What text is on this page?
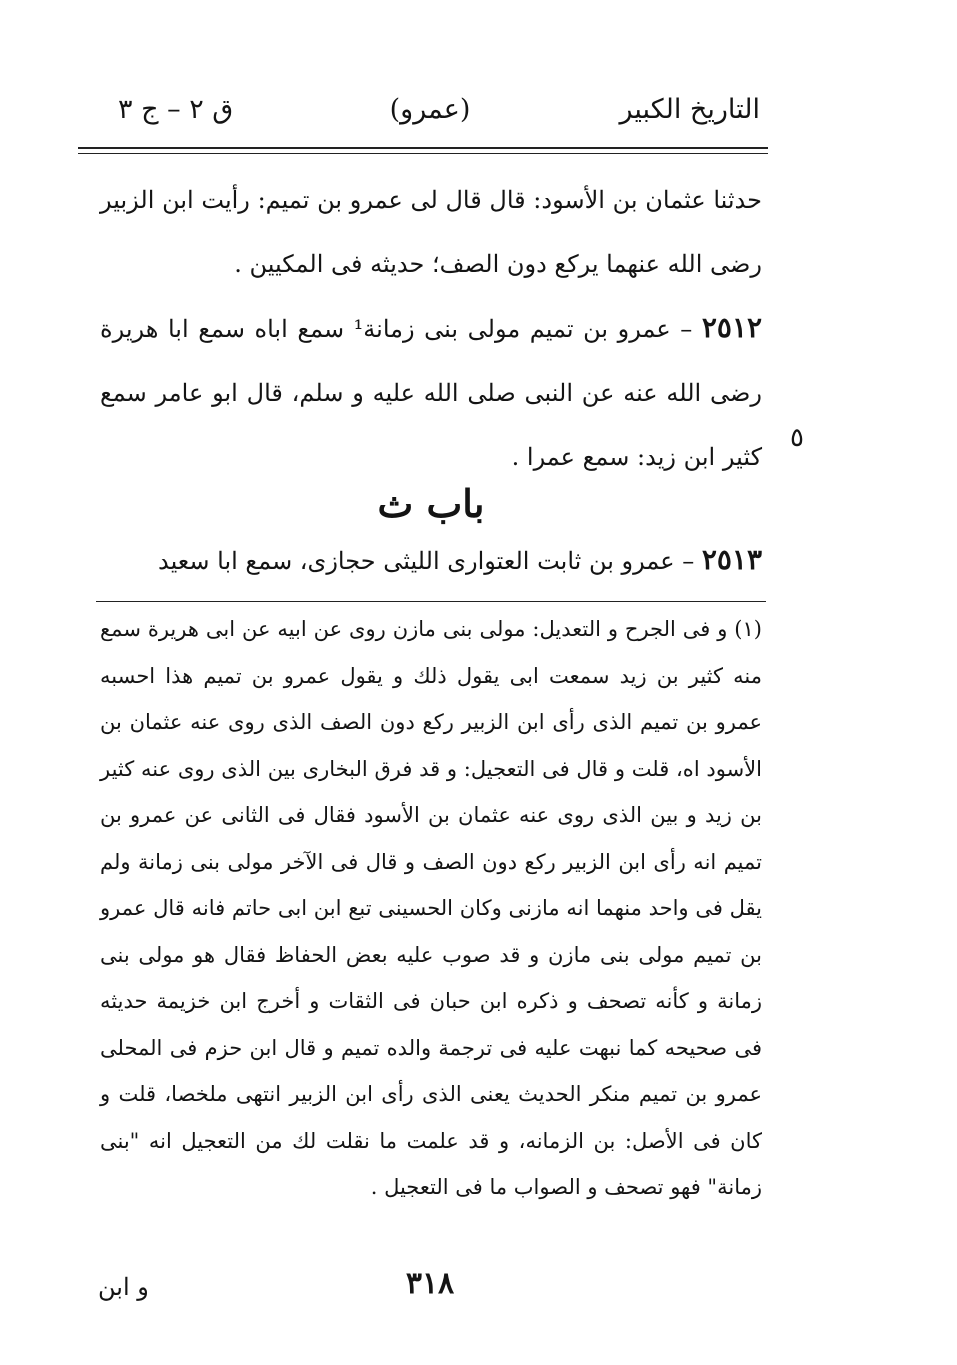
التاريخ الكبير
(عمرو)
ق ٢ – ج ٣

حدثنا عثمان بن الأسود: قال قال لى عمرو بن تميم: رأيت ابن الزبير رضى الله عنهما يركع دون الصف؛ حديثه فى المكيين .

٢٥١٢ – عمرو بن تميم مولى بنى زمانة¹ سمع اباه سمع ابا هريرة رضى الله عنه عن النبى صلى الله عليه و سلم، قال ابو عامر سمع كثير ابن زيد: سمع عمرا .

٥
باب ث
٢٥١٣ – عمرو بن ثابت العتوارى الليثى حجازى، سمع ابا سعيد

(١) و فى الجرح و التعديل: مولى بنى مازن روى عن ابيه عن ابى هريرة سمع منه كثير بن زيد سمعت ابى يقول ذلك و يقول عمرو بن تميم هذا احسبه عمرو بن تميم الذى رأى ابن الزبير ركع دون الصف الذى روى عنه عثمان بن الأسود اه، قلت و قال فى التعجيل: و قد فرق البخارى بين الذى روى عنه كثير بن زيد و بين الذى روى عنه عثمان بن الأسود فقال فى الثانى عن عمرو بن تميم انه رأى ابن الزبير ركع دون الصف و قال فى الآخر مولى بنى زمانة ولم يقل فى واحد منهما انه مازنى وكان الحسينى تبع ابن ابى حاتم فانه قال عمرو بن تميم مولى بنى مازن و قد صوب عليه بعض الحفاظ فقال هو مولى بنى زمانة و كأنه تصحف و ذكره ابن حبان فى الثقات و أخرج ابن خزيمة حديثه فى صحيحه كما نبهت عليه فى ترجمة والده تميم و قال ابن حزم فى المحلى عمرو بن تميم منكر الحديث يعنى الذى رأى ابن الزبير انتهى ملخصا، قلت و كان فى الأصل: بن الزمانه، و قد علمت ما نقلت لك من التعجيل انه "بنى زمانة" فهو تصحف و الصواب ما فى التعجيل .

٣١٨
و ابن
